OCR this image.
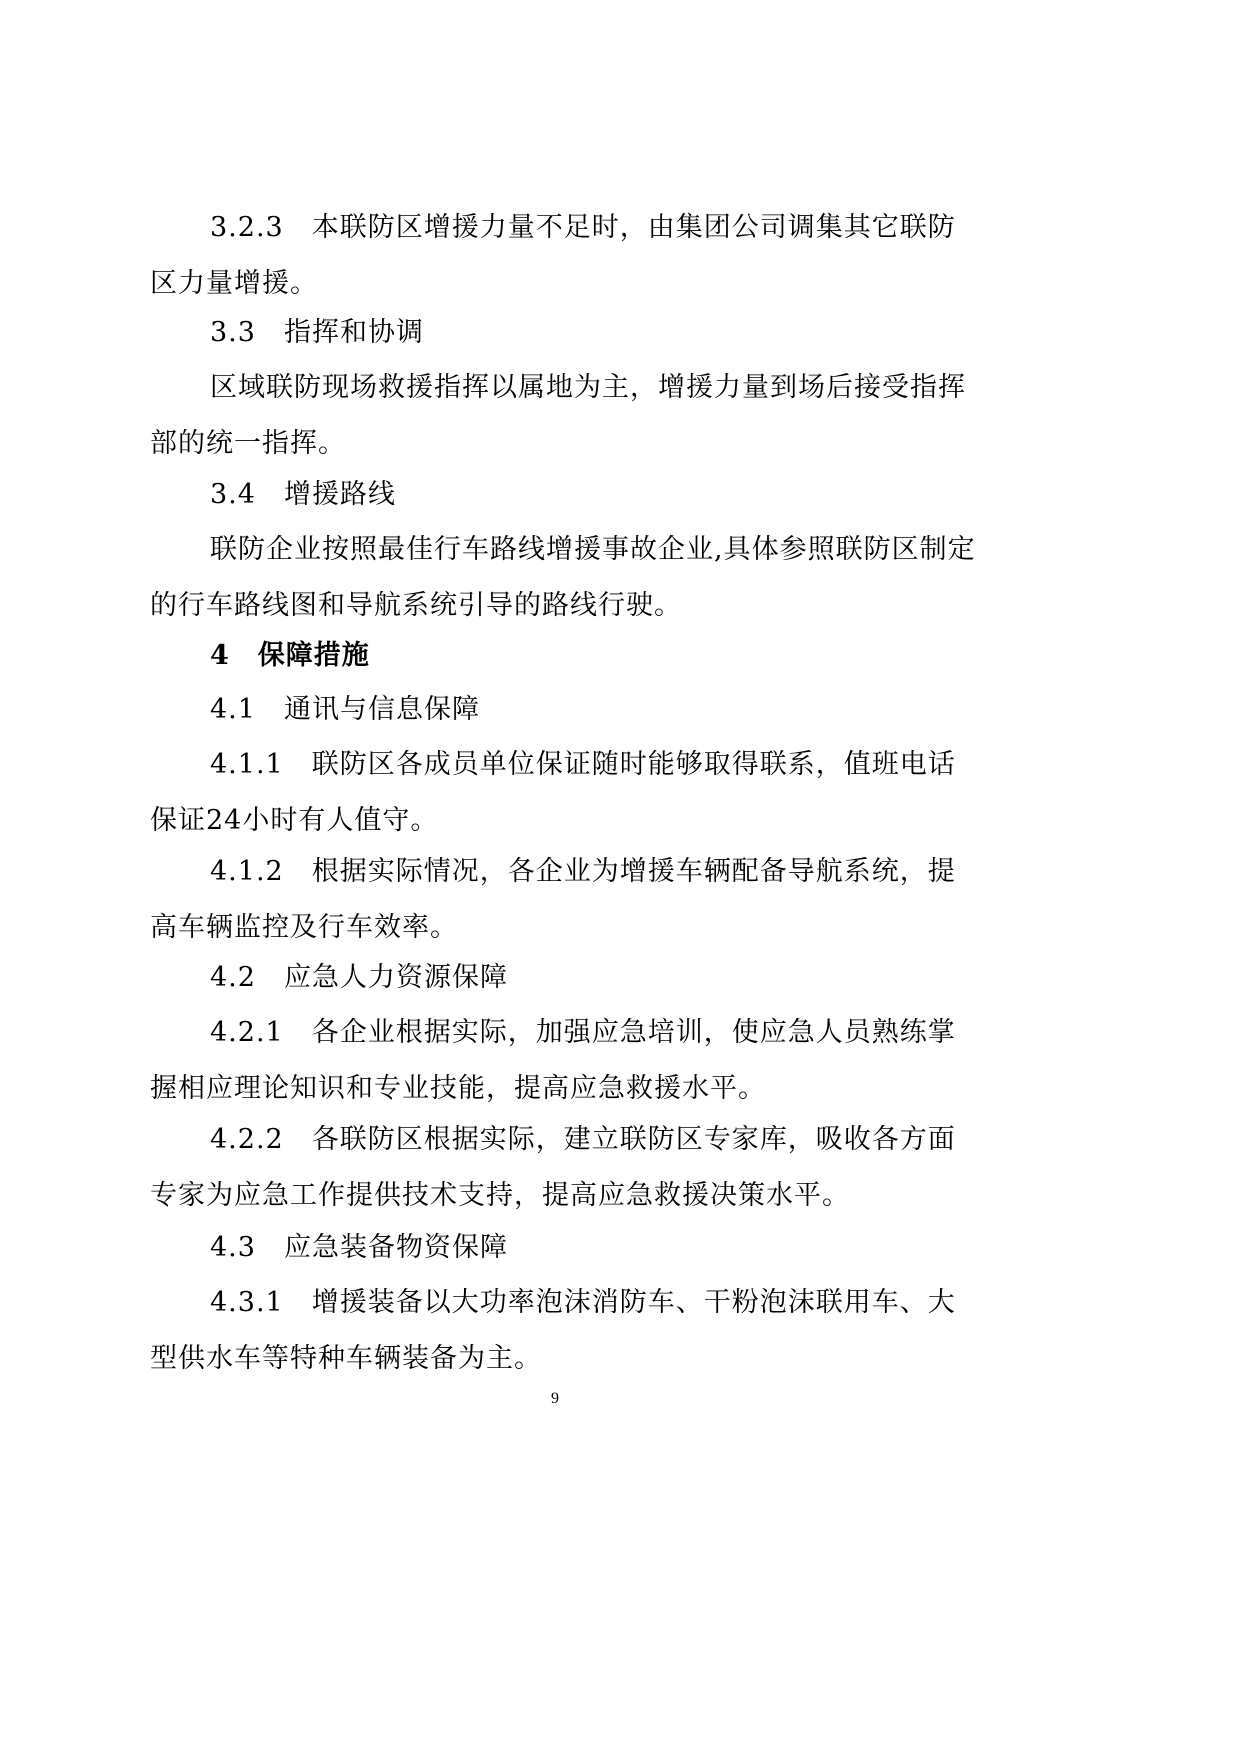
3.2.3　本联防区增援力量不足时，由集团公司调集其它联防区力量增援。

3.3　指挥和协调

区域联防现场救援指挥以属地为主，增援力量到场后接受指挥部的统一指挥。

3.4　增援路线

联防企业按照最佳行车路线增援事故企业,具体参照联防区制定的行车路线图和导航系统引导的路线行驶。

4　保障措施

4.1　通讯与信息保障

4.1.1　联防区各成员单位保证随时能够取得联系，值班电话保证24小时有人值守。

4.1.2　根据实际情况，各企业为增援车辆配备导航系统，提高车辆监控及行车效率。

4.2　应急人力资源保障

4.2.1　各企业根据实际，加强应急培训，使应急人员熟练掌握相应理论知识和专业技能，提高应急救援水平。

4.2.2　各联防区根据实际，建立联防区专家库，吸收各方面专家为应急工作提供技术支持，提高应急救援决策水平。

4.3　应急装备物资保障

4.3.1　增援装备以大功率泡沫消防车、干粉泡沫联用车、大型供水车等特种车辆装备为主。

9
